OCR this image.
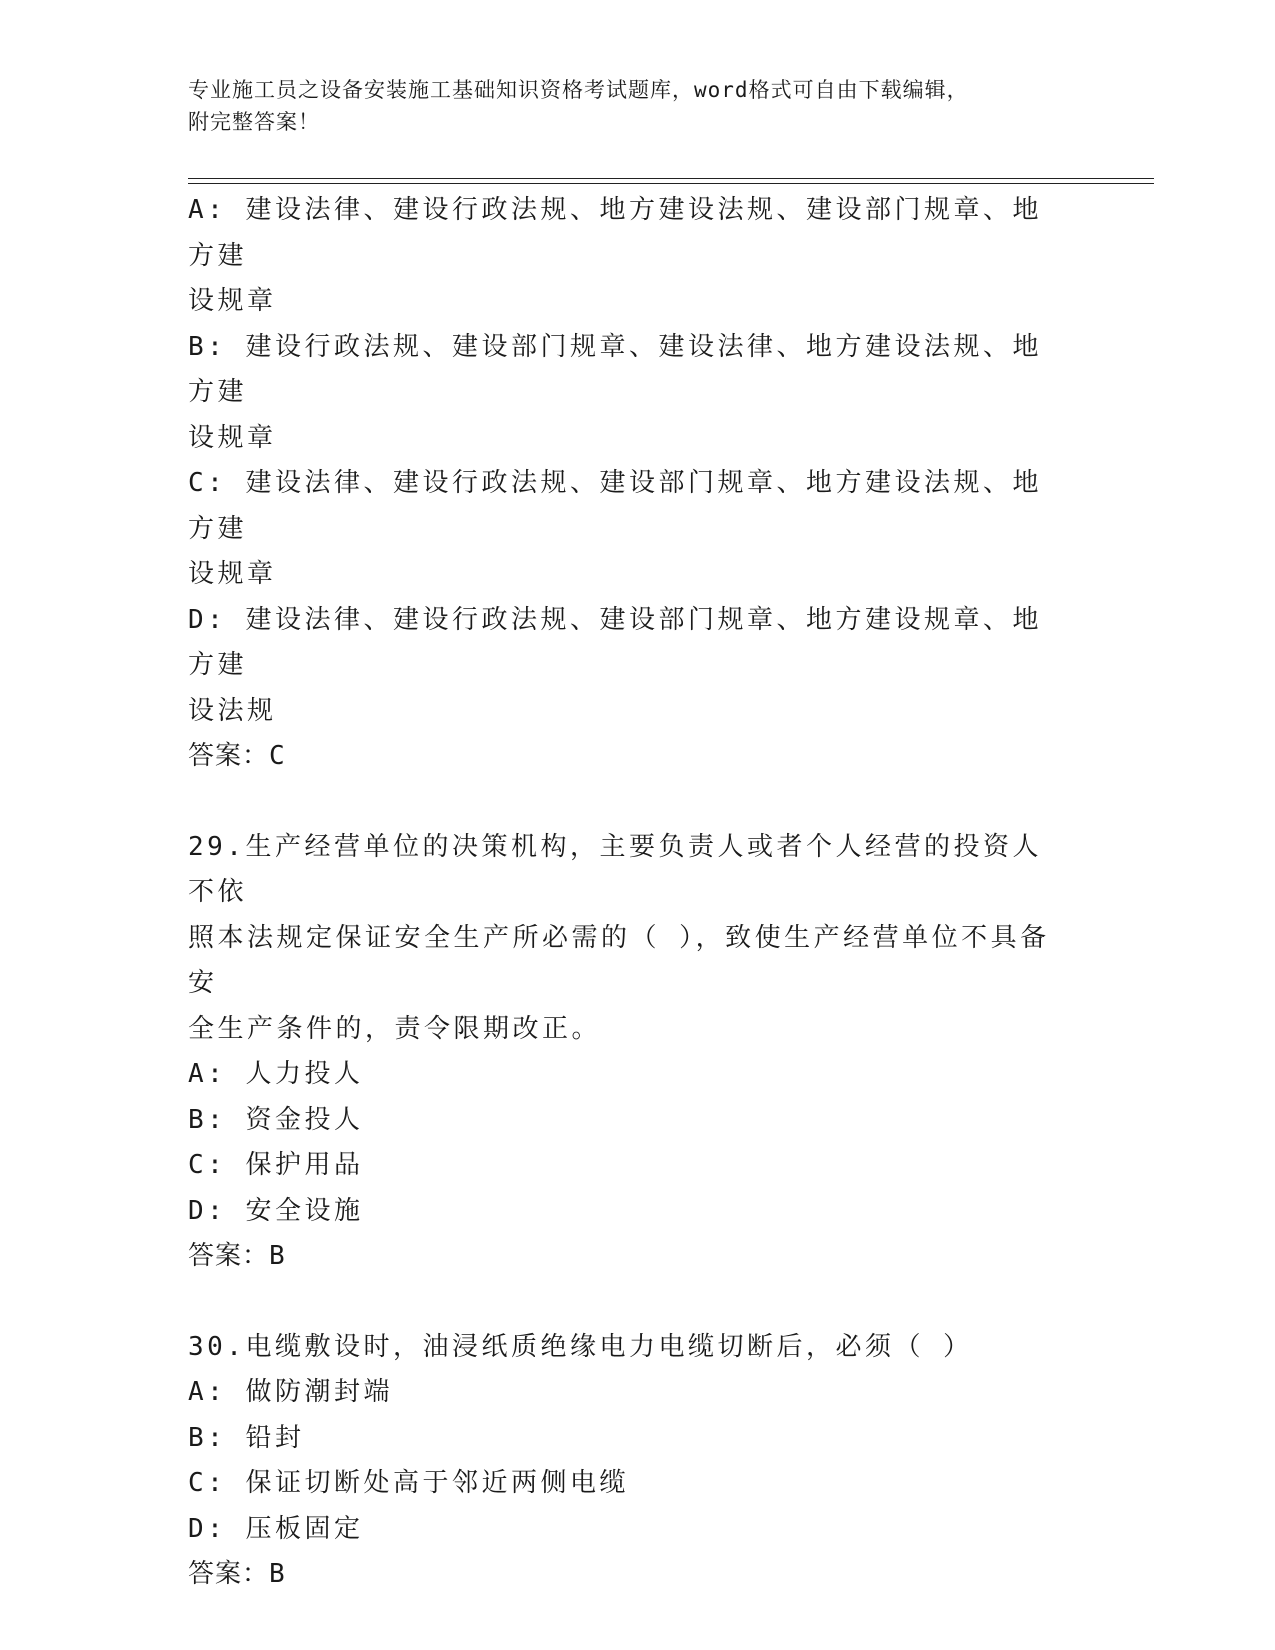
专业施工员之设备安装施工基础知识资格考试题库，word格式可自由下载编辑，
附完整答案！
A: 建设法律、建设行政法规、地方建设法规、建设部门规章、地方建
设规章
B: 建设行政法规、建设部门规章、建设法律、地方建设法规、地方建
设规章
C: 建设法律、建设行政法规、建设部门规章、地方建设法规、地方建
设规章
D: 建设法律、建设行政法规、建设部门规章、地方建设规章、地方建
设法规
答案：C
29.生产经营单位的决策机构，主要负责人或者个人经营的投资人不依
照本法规定保证安全生产所必需的（ ），致使生产经营单位不具备安
全生产条件的，责令限期改正。
A: 人力投人
B: 资金投人
C: 保护用品
D: 安全设施
答案：B
30.电缆敷设时，油浸纸质绝缘电力电缆切断后，必须（ ）
A: 做防潮封端
B: 铅封
C: 保证切断处高于邻近两侧电缆
D: 压板固定
答案：B
